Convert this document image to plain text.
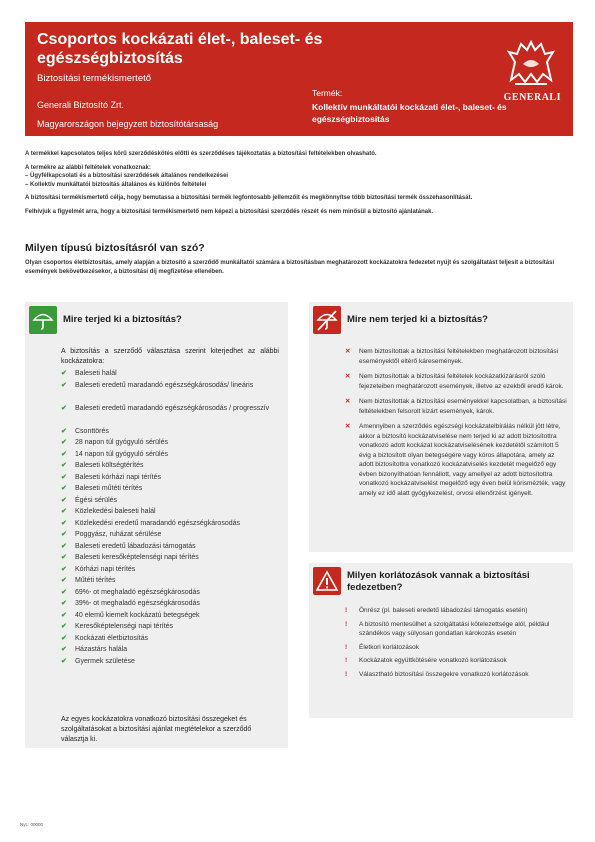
Csoportos kockázati élet-, baleset- és egészségbiztosítás
Biztosítási termékismertető
Generali Biztosító Zrt.
Magyarországon bejegyzett biztosítótársaság
Termék:
Kollektív munkáltatói kockázati élet-, baleset- és egészségbiztosítás
GENERALI

A termékkel kapcsolatos teljes körű szerződéskötés előtti és szerződéses tájékoztatás a biztosítási feltételekben olvasható.

A termékre az alábbi feltételek vonatkoznak:
– Ügyfélkapcsolati és a biztosítási szerződések általános rendelkezései
– Kollektív munkáltatói biztosítás általános és különös feltételei

A biztosítási termékismertető célja, hogy bemutassa a biztosítási termék legfontosabb jellemzőit és megkönnyítse több biztosítási termék összehasonlítását.

Felhívjuk a figyelmét arra, hogy a biztosítási termékismertető nem képezi a biztosítási szerződés részét és nem minősül a biztosító ajánlatának.

Milyen típusú biztosításról van szó?
Olyan csoportos életbiztosítás, amely alapján a biztosító a szerződő munkáltatói számára a biztosításban meghatározott kockázatokra fedezetet nyújt és szolgáltatást teljesít a biztosítási események bekövetkezésekor, a biztosítási díj megfizetése ellenében.
Mire terjed ki a biztosítás?
A biztosítás a szerződő választása szerint kiterjedhet az alábbi kockázatokra:
✔ Baleseti halál
✔ Baleseti eredetű maradandó egészségkárosodás/ lineáris
✔ Baleseti eredetű maradandó egészségkárosodás / progresszív
✔ Csonttörés
✔ 28 napon túl gyógyuló sérülés
✔ 14 napon túl gyógyuló sérülés
✔ Baleseti költségtérítés
✔ Baleseti kórházi napi térítés
✔ Baleseti műtéti térítés
✔ Égési sérülés
✔ Közlekedési baleseti halál
✔ Közlekedési eredetű maradandó egészségkárosodás
✔ Poggyász, ruházat sérülése
✔ Baleseti eredetű lábadozási támogatás
✔ Baleseti keresőképtelenségi napi térítés
✔ Kórházi napi térítés
✔ Műtéti térítés
✔ 69%- ot meghaladó egészségkárosodás
✔ 39%- ot meghaladó egészségkárosodás
✔ 40 elemű kiemelt kockázatú betegségek
✔ Keresőképtelenségi napi térítés
✔ Kockázati életbiztosítás
✔ Házastárs halála
✔ Gyermek születése
Az egyes kockázatokra vonatkozó biztosítási összegeket és szolgáltatásokat a biztosítási ajánlat megtételekor a szerződő választja ki.
Mire nem terjed ki a biztosítás?
✕ Nem biztosítottak a biztosítási feltételekben meghatározott biztosítási eseményektől eltérő káresemények.
✕ Nem biztosítottak a biztosítási feltételek kockázatkizárásról szóló fejezeteiben meghatározott események, illetve az ezekből eredő károk.
✕ Nem biztosítottak a biztosítási eseményekkel kapcsolatban, a biztosítási feltételekben felsorolt kizárt események, károk.
✕ Amennyiben a szerződés egészségi kockázatelbírálás nélkül jött létre, akkor a biztosító kockázatviselése nem terjed ki az adott biztosítottra vonatkozó adott kockázat kockázatviselésének kezdetétől számított 5 évig a biztosított olyan betegségére vagy kóros állapotára, amely az adott biztosítottra vonatkozó kockázatviselés kezdetét megelőző egy évben bizonyíthatóan fennállott, vagy amellyel az adott biztosítottra vonatkozó kockázatviselést megelőző egy éven belül kórismézték, vagy amely ez idő alatt gyógykezelést, orvosi ellenőrzést igényelt.
Milyen korlátozások vannak a biztosítási fedezetben?
! Önrész (pl. baleseti eredetű lábadozási támogatás esetén)
! A biztosító mentesülhet a szolgáltatási kötelezettsége alól, például szándékos vagy súlyosan gondatlan károkozás esetén
! Életkori korlátozások
! Kockázatok együttkötésére vonatkozó korlátozások
! Választható biztosítási összegekre vonatkozó korlátozások
Nyt.: 00000
